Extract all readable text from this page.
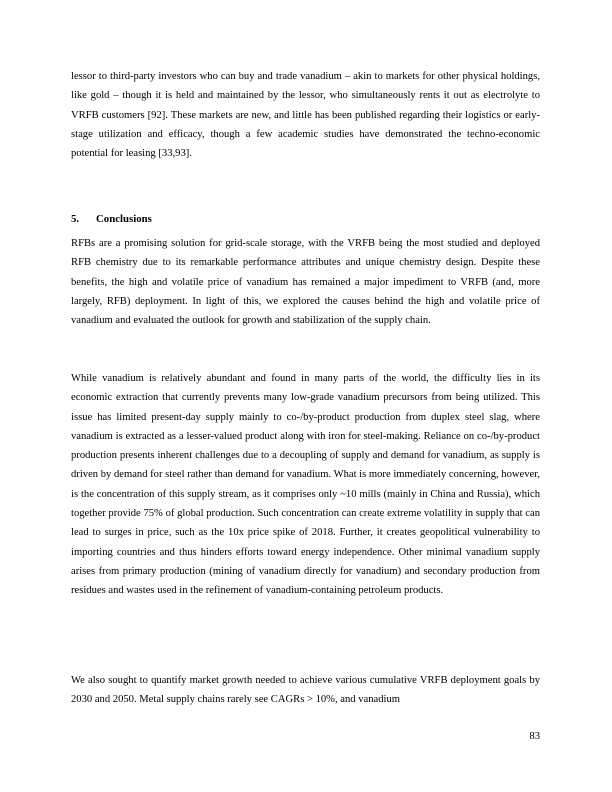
lessor to third-party investors who can buy and trade vanadium – akin to markets for other physical holdings, like gold – though it is held and maintained by the lessor, who simultaneously rents it out as electrolyte to VRFB customers [92]. These markets are new, and little has been published regarding their logistics or early-stage utilization and efficacy, though a few academic studies have demonstrated the techno-economic potential for leasing [33,93].

5. Conclusions

RFBs are a promising solution for grid-scale storage, with the VRFB being the most studied and deployed RFB chemistry due to its remarkable performance attributes and unique chemistry design. Despite these benefits, the high and volatile price of vanadium has remained a major impediment to VRFB (and, more largely, RFB) deployment. In light of this, we explored the causes behind the high and volatile price of vanadium and evaluated the outlook for growth and stabilization of the supply chain.

While vanadium is relatively abundant and found in many parts of the world, the difficulty lies in its economic extraction that currently prevents many low-grade vanadium precursors from being utilized. This issue has limited present-day supply mainly to co-/by-product production from duplex steel slag, where vanadium is extracted as a lesser-valued product along with iron for steel-making. Reliance on co-/by-product production presents inherent challenges due to a decoupling of supply and demand for vanadium, as supply is driven by demand for steel rather than demand for vanadium. What is more immediately concerning, however, is the concentration of this supply stream, as it comprises only ~10 mills (mainly in China and Russia), which together provide 75% of global production. Such concentration can create extreme volatility in supply that can lead to surges in price, such as the 10x price spike of 2018. Further, it creates geopolitical vulnerability to importing countries and thus hinders efforts toward energy independence. Other minimal vanadium supply arises from primary production (mining of vanadium directly for vanadium) and secondary production from residues and wastes used in the refinement of vanadium-containing petroleum products.

We also sought to quantify market growth needed to achieve various cumulative VRFB deployment goals by 2030 and 2050. Metal supply chains rarely see CAGRs > 10%, and vanadium

83
